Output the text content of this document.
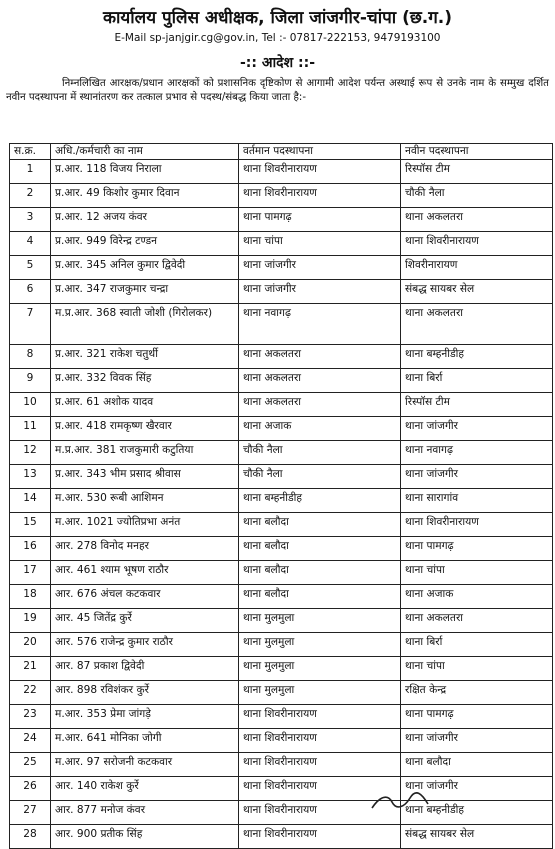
कार्यालय पुलिस अधीक्षक, जिला जांजगीर-चांपा (छ.ग.)
E-Mail sp-janjgir.cg@gov.in, Tel :- 07817-222153, 9479193100
-:: आदेश ::-
निम्नलिखित आरक्षक/प्रधान आरक्षकों को प्रशासनिक दृष्टिकोण से आगामी आदेश पर्यन्त अस्थाई रूप से उनके नाम के सम्मुख दर्शित नवीन पदस्थापना में स्थानांतरण कर तत्काल प्रभाव से पदस्थ/संबद्ध किया जाता है:-
स.क्र.	अधि./कर्मचारी का नाम	वर्तमान पदस्थापना	नवीन पदस्थापना
1	प्र.आर. 118 विजय निराला	थाना शिवरीनारायण	रिस्पॉस टीम
2	प्र.आर. 49 किशोर कुमार दिवान	थाना शिवरीनारायण	चौकी नैला
3	प्र.आर. 12 अजय कंवर	थाना पामगढ़	थाना अकलतरा
4	प्र.आर. 949 विरेन्द्र टण्डन	थाना चांपा	थाना शिवरीनारायण
5	प्र.आर. 345 अनिल कुमार द्विवेदी	थाना जांजगीर	शिवरीनारायण
6	प्र.आर. 347 राजकुमार चन्द्रा	थाना जांजगीर	संबद्ध सायबर सेल
7	म.प्र.आर. 368 स्वाती जोशी (गिरोलकर)	थाना नवागढ़	थाना अकलतरा
8	प्र.आर. 321 राकेश चतुर्थी	थाना अकलतरा	थाना बम्हनीडीह
9	प्र.आर. 332 विवक सिंह	थाना अकलतरा	थाना बिर्रा
10	प्र.आर. 61 अशोक यादव	थाना अकलतरा	रिस्पॉस टीम
11	प्र.आर. 418 रामकृष्ण खैरवार	थाना अजाक	थाना जांजगीर
12	म.प्र.आर. 381 राजकुमारी कटुतिया	चौकी नैला	थाना नवागढ़
13	प्र.आर. 343 भीम प्रसाद श्रीवास	चौकी नैला	थाना जांजगीर
14	म.आर. 530 रूबी आशिमन	थाना बम्हनीडीह	थाना सारागांव
15	म.आर. 1021 ज्योतिप्रभा अनंत	थाना बलौदा	थाना शिवरीनारायण
16	आर. 278 विनोद मनहर	थाना बलौदा	थाना पामगढ़
17	आर. 461 श्याम भूषण राठौर	थाना बलौदा	थाना चांपा
18	आर. 676 अंचल कटकवार	थाना बलौदा	थाना अजाक
19	आर. 45 जितेंद्र कुर्रे	थाना मुलमुला	थाना अकलतरा
20	आर. 576 राजेन्द्र कुमार राठौर	थाना मुलमुला	थाना बिर्रा
21	आर. 87 प्रकाश द्विवेदी	थाना मुलमुला	थाना चांपा
22	आर. 898 रविशंकर कुर्रे	थाना मुलमुला	रक्षित केन्द्र
23	म.आर. 353 प्रेमा जांगड़े	थाना शिवरीनारायण	थाना पामगढ़
24	म.आर. 641 मोनिका जोगी	थाना शिवरीनारायण	थाना जांजगीर
25	म.आर. 97 सरोजनी कटकवार	थाना शिवरीनारायण	थाना बलौदा
26	आर. 140 राकेश कुर्रे	थाना शिवरीनारायण	थाना जांजगीर
27	आर. 877 मनोज कंवर	थाना शिवरीनारायण	थाना बम्हनीडीह
28	आर. 900 प्रतीक सिंह	थाना शिवरीनारायण	संबद्ध सायबर सेल
